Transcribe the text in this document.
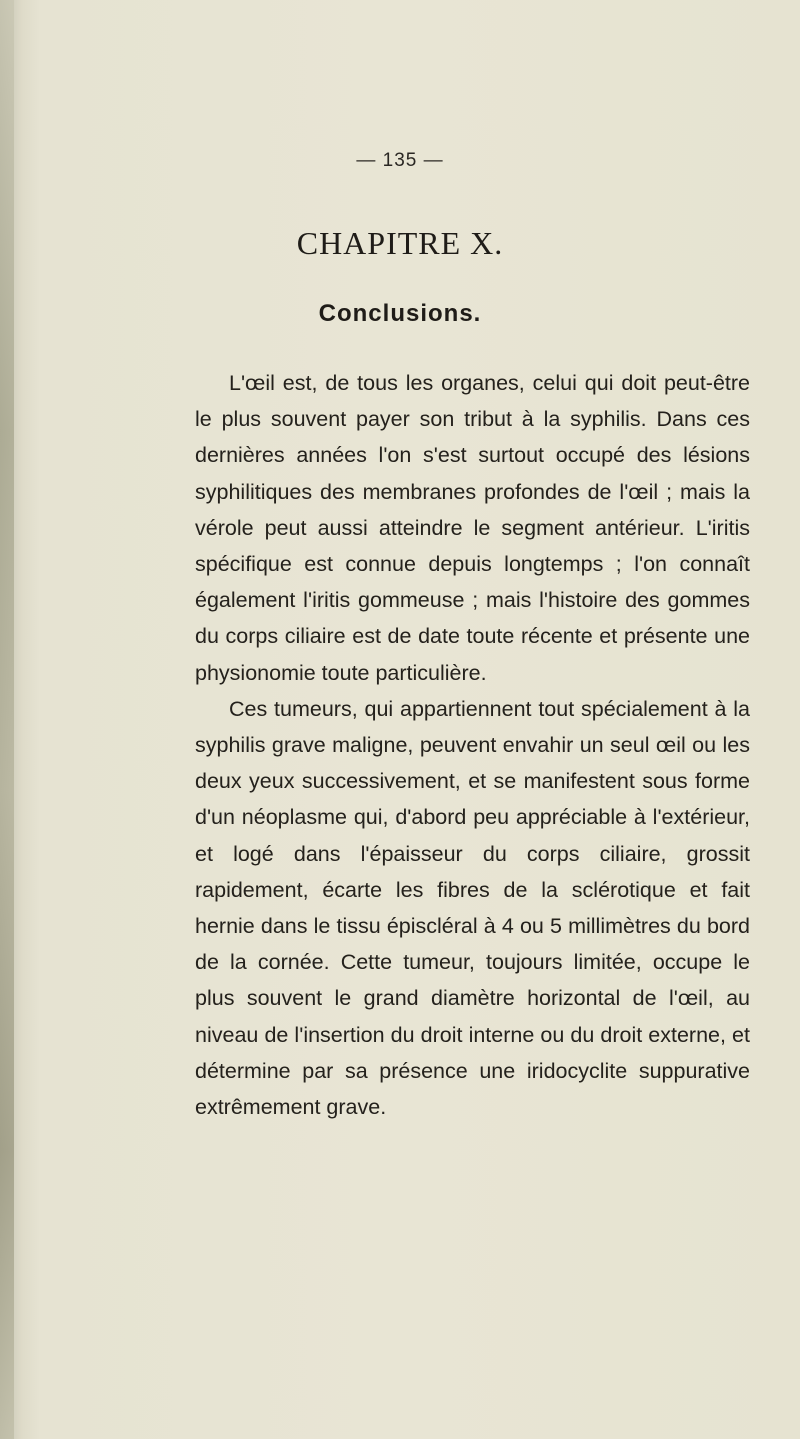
— 135 —
CHAPITRE X.
Conclusions.

L'œil est, de tous les organes, celui qui doit peut-être le plus souvent payer son tribut à la syphilis. Dans ces dernières années l'on s'est surtout occupé des lésions syphilitiques des membranes profondes de l'œil ; mais la vérole peut aussi atteindre le segment antérieur. L'iritis spécifique est connue depuis longtemps ; l'on connaît également l'iritis gommeuse ; mais l'histoire des gommes du corps ciliaire est de date toute récente et présente une physionomie toute particulière.

Ces tumeurs, qui appartiennent tout spécialement à la syphilis grave maligne, peuvent envahir un seul œil ou les deux yeux successivement, et se manifestent sous forme d'un néoplasme qui, d'abord peu appréciable à l'extérieur, et logé dans l'épaisseur du corps ciliaire, grossit rapidement, écarte les fibres de la sclérotique et fait hernie dans le tissu épiscléral à 4 ou 5 millimètres du bord de la cornée. Cette tumeur, toujours limitée, occupe le plus souvent le grand diamètre horizontal de l'œil, au niveau de l'insertion du droit interne ou du droit externe, et détermine par sa présence une iridocyclite suppurative extrêmement grave.
